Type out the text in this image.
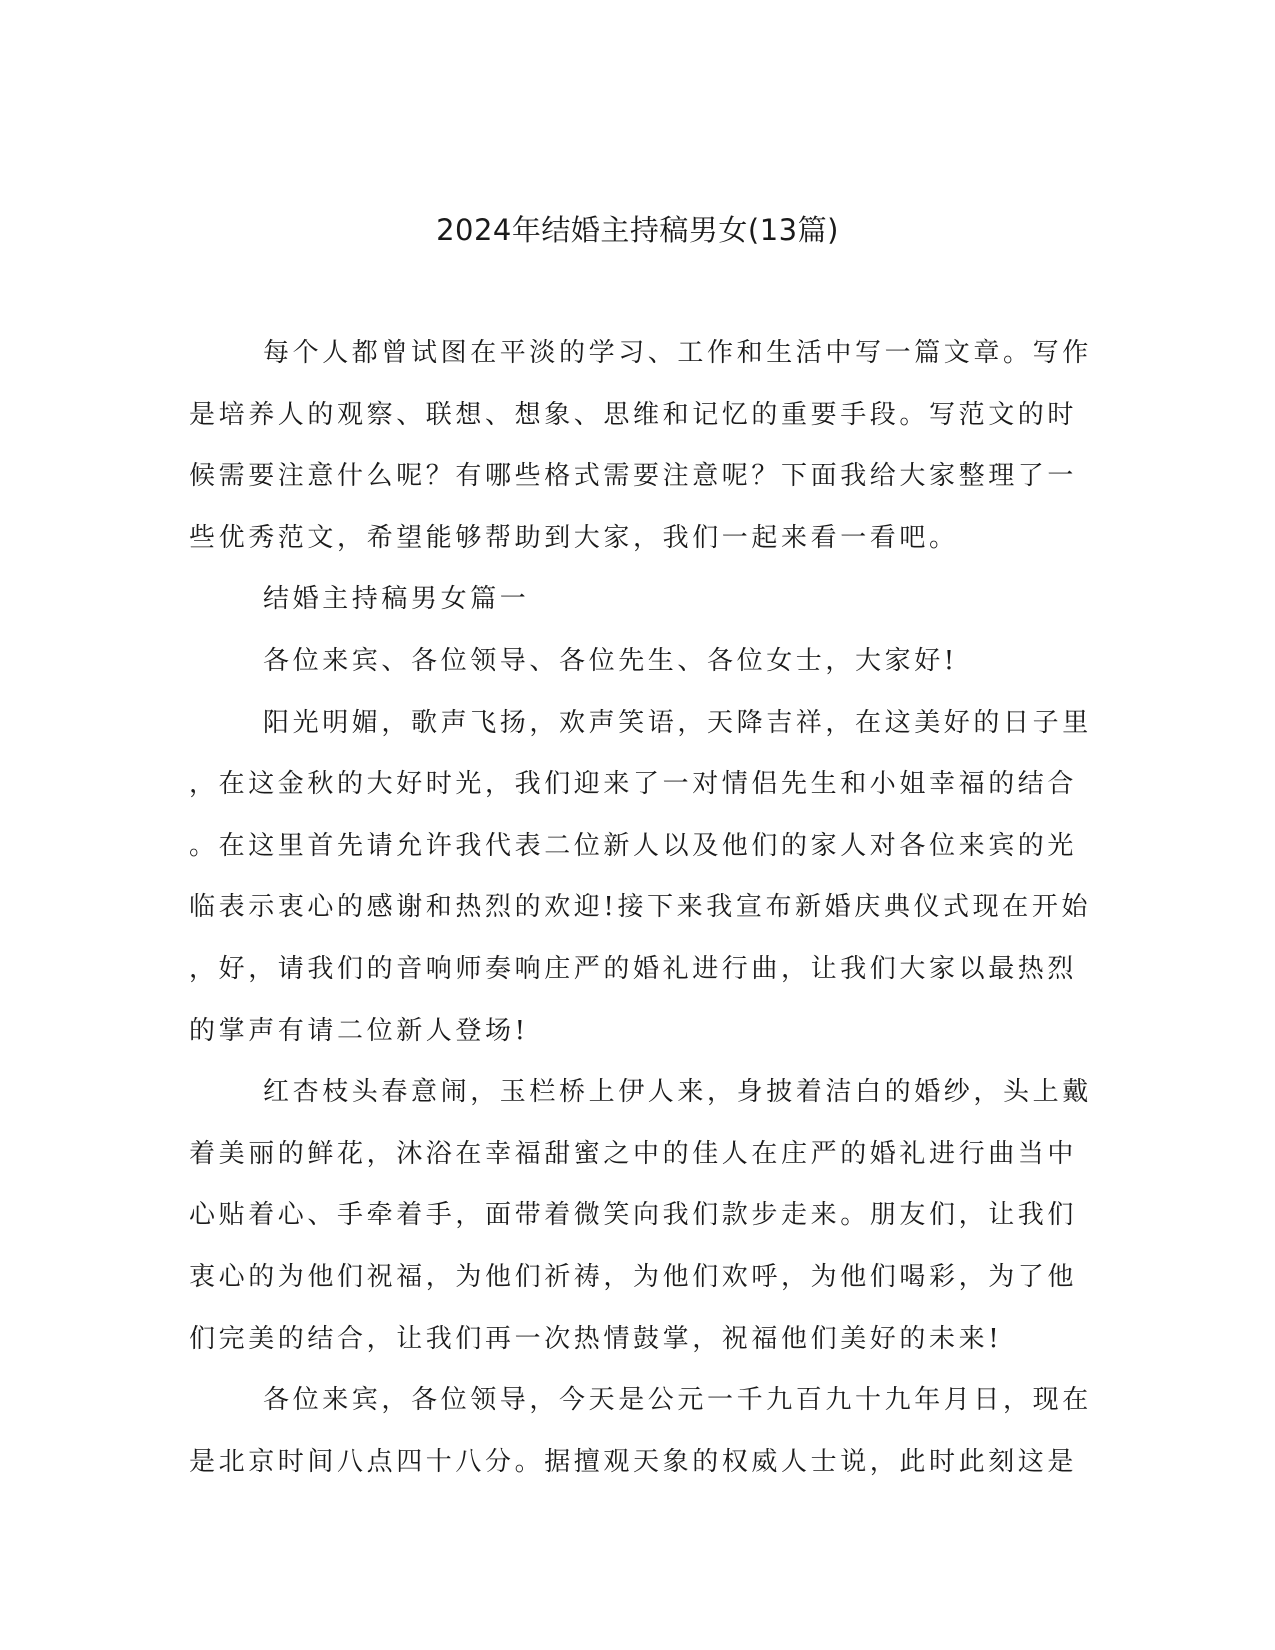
2024年结婚主持稿男女(13篇)
每个人都曾试图在平淡的学习、工作和生活中写一篇文章。写作
是培养人的观察、联想、想象、思维和记忆的重要手段。写范文的时
候需要注意什么呢？有哪些格式需要注意呢？下面我给大家整理了一
些优秀范文，希望能够帮助到大家，我们一起来看一看吧。
结婚主持稿男女篇一
各位来宾、各位领导、各位先生、各位女士，大家好!
阳光明媚，歌声飞扬，欢声笑语，天降吉祥，在这美好的日子里
，在这金秋的大好时光，我们迎来了一对情侣先生和小姐幸福的结合
。在这里首先请允许我代表二位新人以及他们的家人对各位来宾的光
临表示衷心的感谢和热烈的欢迎!接下来我宣布新婚庆典仪式现在开始
，好，请我们的音响师奏响庄严的婚礼进行曲，让我们大家以最热烈
的掌声有请二位新人登场!
红杏枝头春意闹，玉栏桥上伊人来，身披着洁白的婚纱，头上戴
着美丽的鲜花，沐浴在幸福甜蜜之中的佳人在庄严的婚礼进行曲当中
心贴着心、手牵着手，面带着微笑向我们款步走来。朋友们，让我们
衷心的为他们祝福，为他们祈祷，为他们欢呼，为他们喝彩，为了他
们完美的结合，让我们再一次热情鼓掌，祝福他们美好的未来!
各位来宾，各位领导，今天是公元一千九百九十九年月日，现在
是北京时间八点四十八分。据擅观天象的权威人士说，此时此刻这是
